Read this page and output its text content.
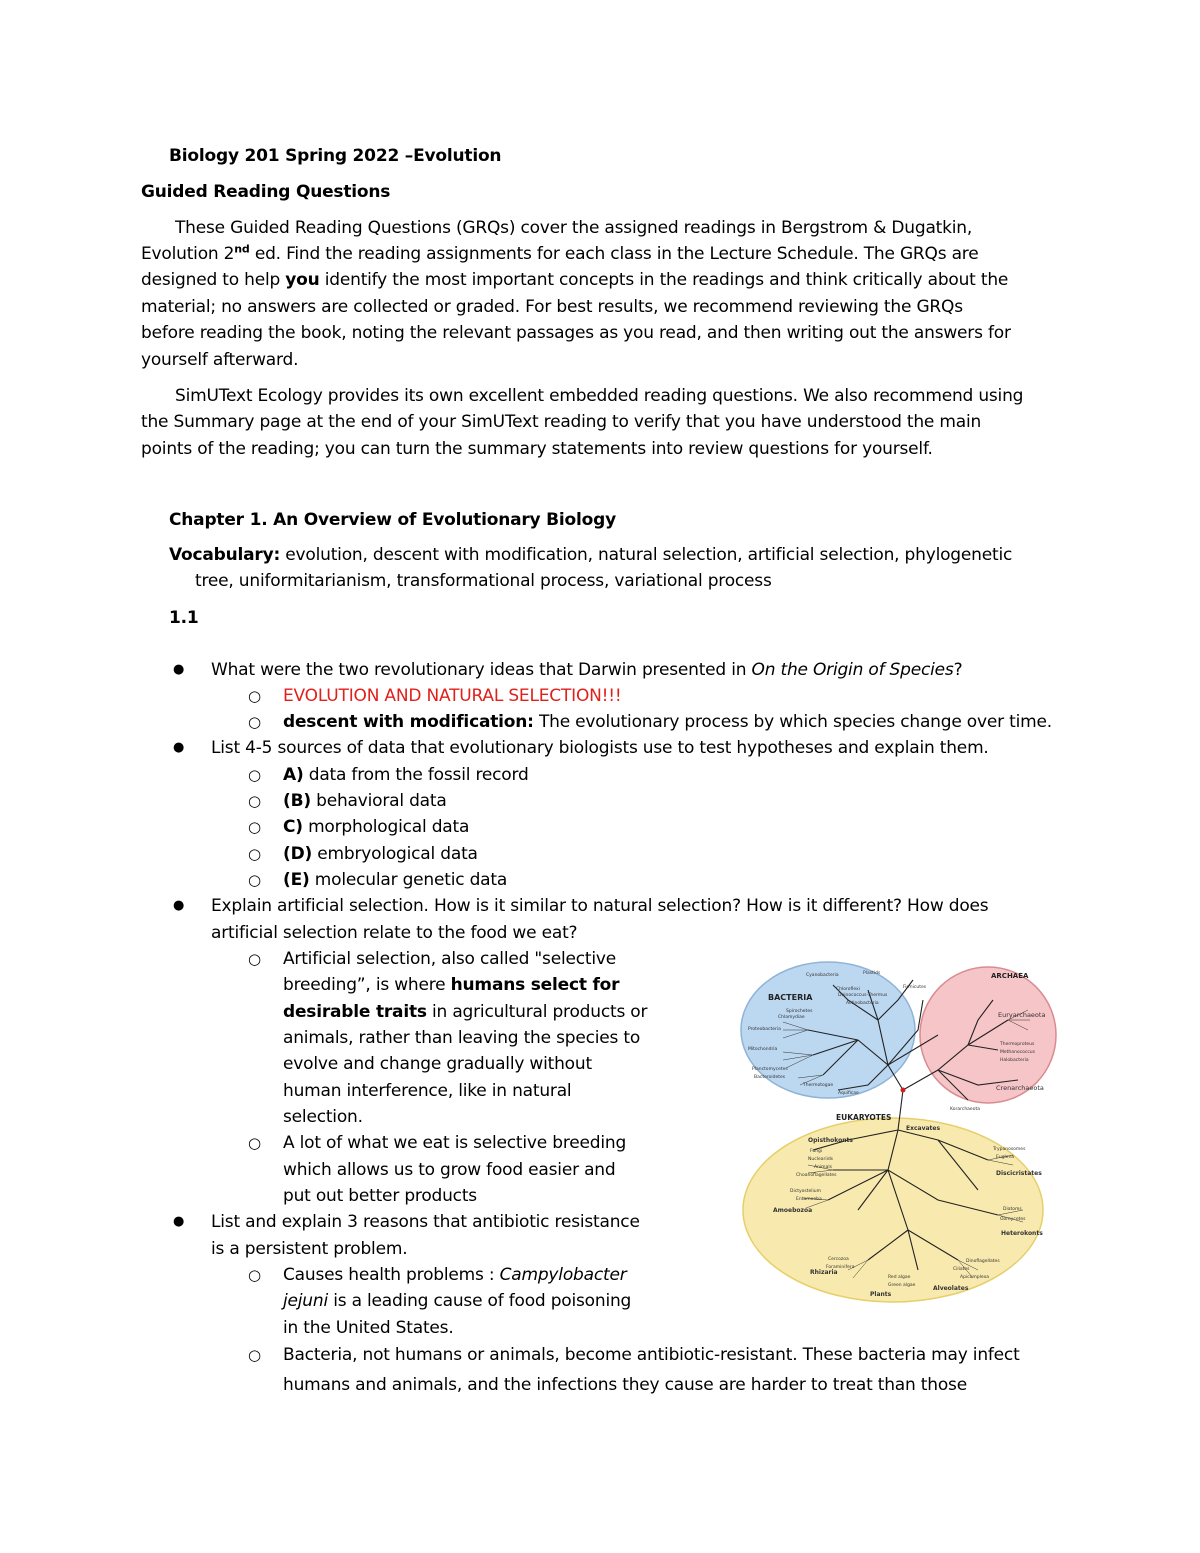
Biology 201 Spring 2022 –Evolution
Guided Reading Questions
These Guided Reading Questions (GRQs) cover the assigned readings in Bergstrom & Dugatkin,
Evolution 2nd ed. Find the reading assignments for each class in the Lecture Schedule. The GRQs are
designed to help you identify the most important concepts in the readings and think critically about the
material; no answers are collected or graded. For best results, we recommend reviewing the GRQs
before reading the book, noting the relevant passages as you read, and then writing out the answers for
yourself afterward.
SimUText Ecology provides its own excellent embedded reading questions. We also recommend using
the Summary page at the end of your SimUText reading to verify that you have understood the main
points of the reading; you can turn the summary statements into review questions for yourself.
Chapter 1. An Overview of Evolutionary Biology
Vocabulary: evolution, descent with modification, natural selection, artificial selection, phylogenetic
tree, uniformitarianism, transformational process, variational process
1.1
● What were the two revolutionary ideas that Darwin presented in On the Origin of Species?
○ EVOLUTION AND NATURAL SELECTION!!!
○ descent with modification: The evolutionary process by which species change over time.
● List 4-5 sources of data that evolutionary biologists use to test hypotheses and explain them.
○ A) data from the fossil record
○ (B) behavioral data
○ C) morphological data
○ (D) embryological data
○ (E) molecular genetic data
● Explain artificial selection. How is it similar to natural selection? How is it different? How does
artificial selection relate to the food we eat?
○ Artificial selection, also called "selective
breeding”, is where humans select for
desirable traits in agricultural products or
animals, rather than leaving the species to
evolve and change gradually without
human interference, like in natural
selection.
○ A lot of what we eat is selective breeding
which allows us to grow food easier and
put out better products
● List and explain 3 reasons that antibiotic resistance
is a persistent problem.
○ Causes health problems : Campylobacter
jejuni is a leading cause of food poisoning
in the United States.
○ Bacteria, not humans or animals, become antibiotic-resistant. These bacteria may infect
humans and animals, and the infections they cause are harder to treat than those
BACTERIA
ARCHAEA
EUKARYOTES
Cyanobacteria	Plastids
Chloroflexi
Deinococcus-Thermus
Actinobacteria
Firmicutes
Proteobacteria
Mitochondria
Spirochetes
Chlamydiae
Planctomycetes
Bacteroidetes
Thermotogae
Aquificae
Euryarchaeota
Crenarchaeota
Thermoproteus
Methanococcus
Korarchaeota
Halobacteria
Excavates
Opisthokonts
Discicristates
Heterokonts
Alveolates
Plants
Rhizaria
Amoebozoa
Fungi
Nucleariids
Animals
Choanoflagellates
Dictyostelium
Entamoeba
Trypanosomes
Euglena
Diatoms
Oomycetes
Ciliates
Apicomplexa
Dinoflagellates
Red algae
Green algae
Cercozoa
Foraminifera
